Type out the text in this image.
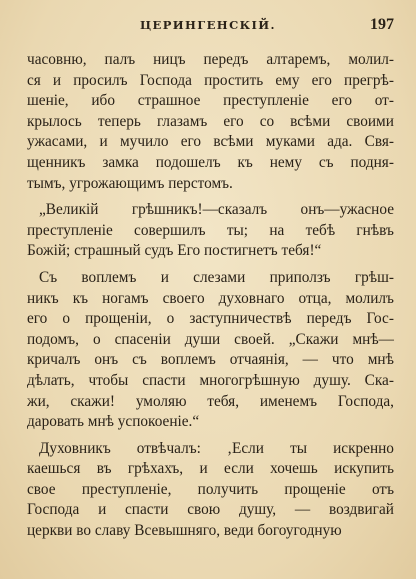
ЦЕРИНГЕНСКІЙ.	197
часовню, палъ ницъ передъ алтаремъ, молил-
ся и просилъ Господа простить ему его прегрѣ-
шеніе, ибо страшное преступленіе его от-
крылось теперь глазамъ его со всѣми своими
ужасами, и мучило его всѣми муками ада. Свя-
щенникъ замка подошелъ къ нему съ подня-
тымъ, угрожающимъ перстомъ.
„Великій грѣшникъ!—сказалъ онъ—ужасное
преступленіе совершилъ ты; на тебѣ гнѣвъ
Божій; страшный судъ Его постигнетъ тебя!“
Съ воплемъ и слезами приползъ грѣш-
никъ къ ногамъ своего духовнаго отца, молилъ
его о прощеніи, о заступничествѣ передъ Гос-
подомъ, о спасеніи души своей. „Скажи мнѣ—
кричалъ онъ съ воплемъ отчаянія, — что мнѣ
дѣлать, чтобы спасти многогрѣшную душу. Ска-
жи, скажи! умоляю тебя, именемъ Господа,
даровать мнѣ успокоеніе.“
Духовникъ отвѣчалъ: ‚Если ты искренно
каешься въ грѣхахъ, и если хочешь искупить
свое преступленіе, получить прощеніе отъ
Господа и спасти свою душу, — воздвигай
церкви во славу Всевышняго, веди богоугодную
